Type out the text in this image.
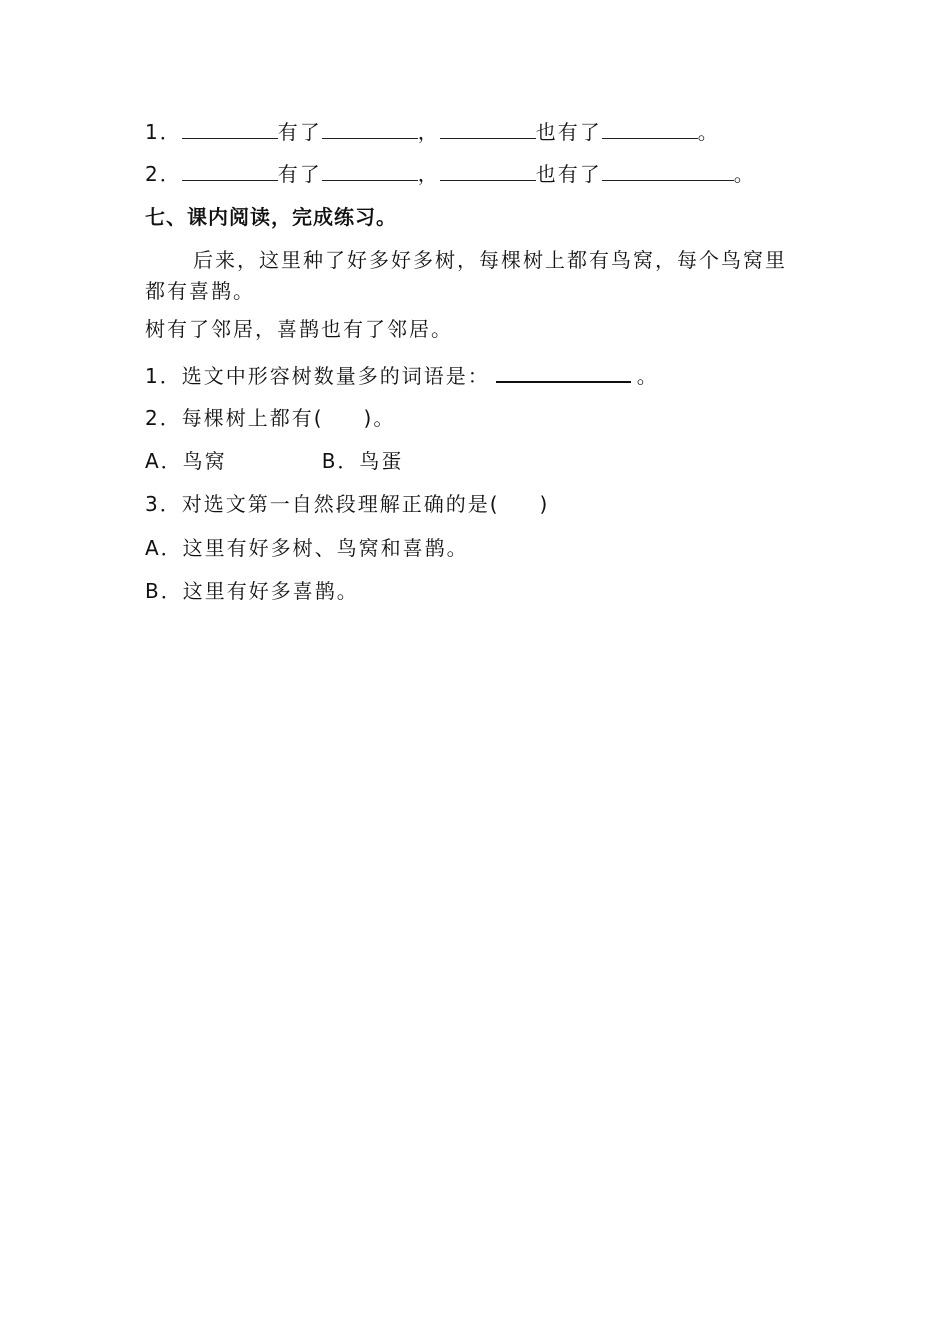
1．	有了	，	也有了	。
2．	有了	，	也有了	。
七、课内阅读，完成练习。
后来，这里种了好多好多树，每棵树上都有鸟窝，每个鸟窝里都有喜鹊。
树有了邻居，喜鹊也有了邻居。
1．选文中形容树数量多的词语是：	。
2．每棵树上都有( )。
A．鸟窝	B．鸟蛋
3．对选文第一自然段理解正确的是( )
A．这里有好多树、鸟窝和喜鹊。
B．这里有好多喜鹊。
